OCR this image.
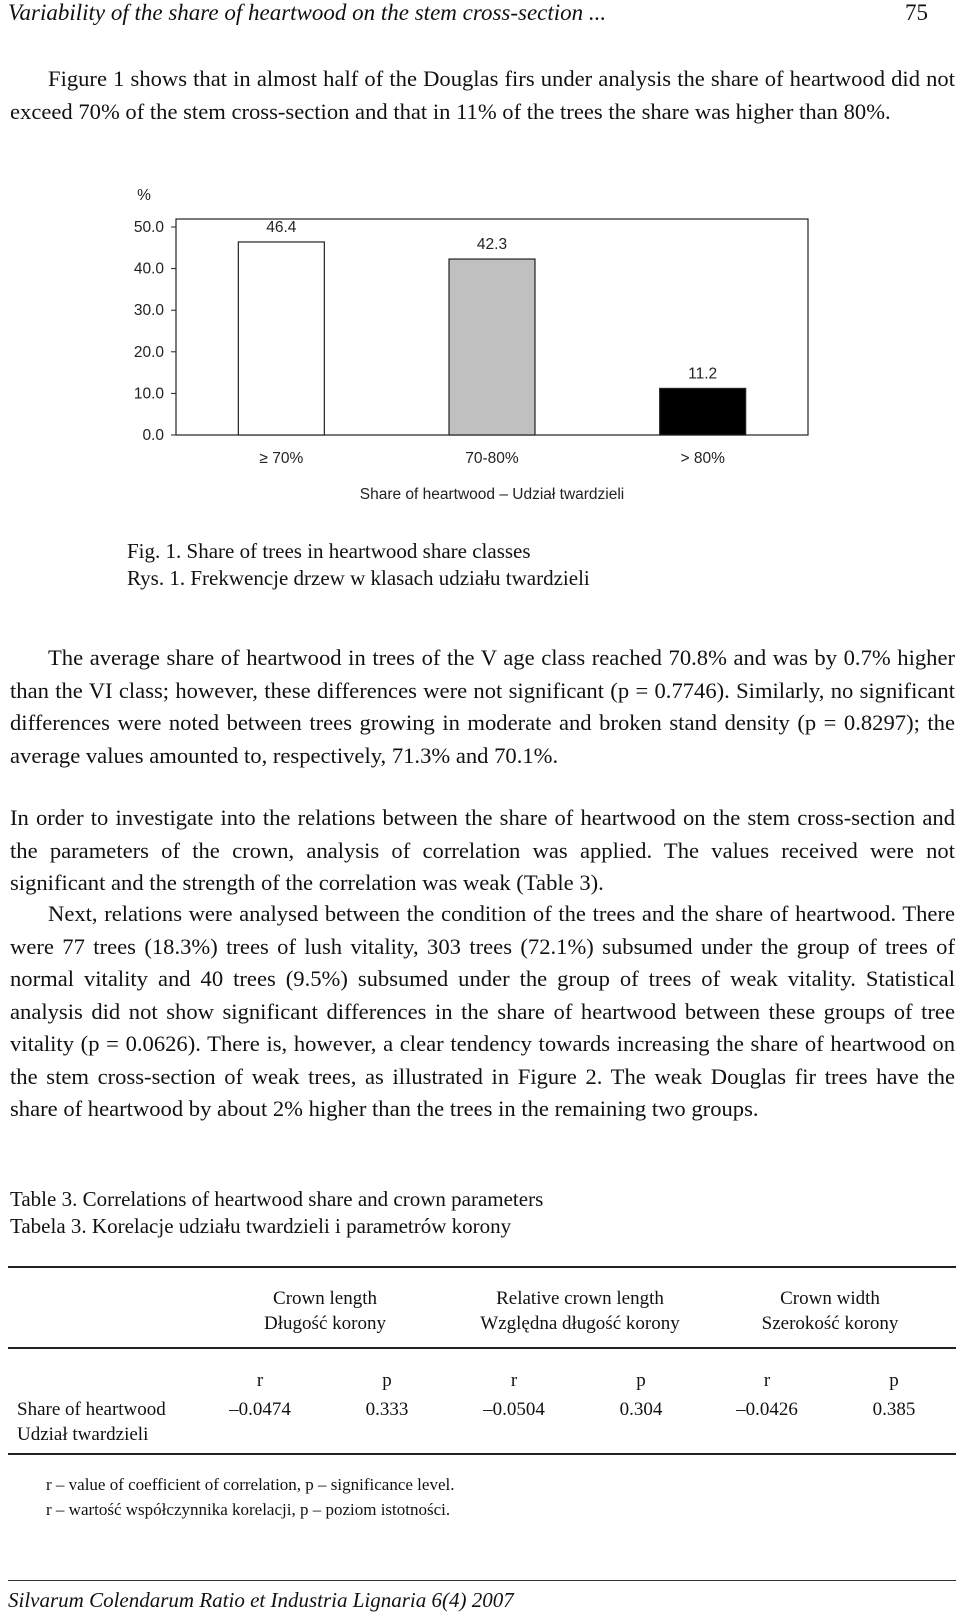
Variability of the share of heartwood on the stem cross-section ...	75

Figure 1 shows that in almost half of the Douglas firs under analysis the share of heartwood did not exceed 70% of the stem cross-section and that in 11% of the trees the share was higher than 80%.

%
50.0
40.0
30.0
20.0
10.0
0.0
46.4
≥ 70%
42.3
70-80%
11.2
> 80%
Share of heartwood – Udział twardzieli
Fig. 1. Share of trees in heartwood share classes
Rys. 1. Frekwencje drzew w klasach udziału twardzieli

The average share of heartwood in trees of the V age class reached 70.8% and was by 0.7% higher than the VI class; however, these differences were not significant (p = 0.7746). Similarly, no significant differences were noted between trees growing in moderate and broken stand density (p = 0.8297); the average values amounted to, respectively, 71.3% and 70.1%.

In order to investigate into the relations between the share of heartwood on the stem cross-section and the parameters of the crown, analysis of correlation was applied. The values received were not significant and the strength of the correlation was weak (Table 3).

Next, relations were analysed between the condition of the trees and the share of heartwood. There were 77 trees (18.3%) trees of lush vitality, 303 trees (72.1%) subsumed under the group of trees of normal vitality and 40 trees (9.5%) subsumed under the group of trees of weak vitality. Statistical analysis did not show significant differences in the share of heartwood between these groups of tree vitality (p = 0.0626). There is, however, a clear tendency towards increasing the share of heartwood on the stem cross-section of weak trees, as illustrated in Figure 2. The weak Douglas fir trees have the share of heartwood by about 2% higher than the trees in the remaining two groups.

Table 3. Correlations of heartwood share and crown parameters
Tabela 3. Korelacje udziału twardzieli i parametrów korony
Crown length
Długość korony
Relative crown length
Względna długość korony
Crown width
Szerokość korony
r	p	r	p	r	p
Share of heartwood
Udział twardzieli
–0.0474	0.333	–0.0504	0.304	–0.0426	0.385
r – value of coefficient of correlation, p – significance level.
r – wartość współczynnika korelacji, p – poziom istotności.
Silvarum Colendarum Ratio et Industria Lignaria 6(4) 2007
